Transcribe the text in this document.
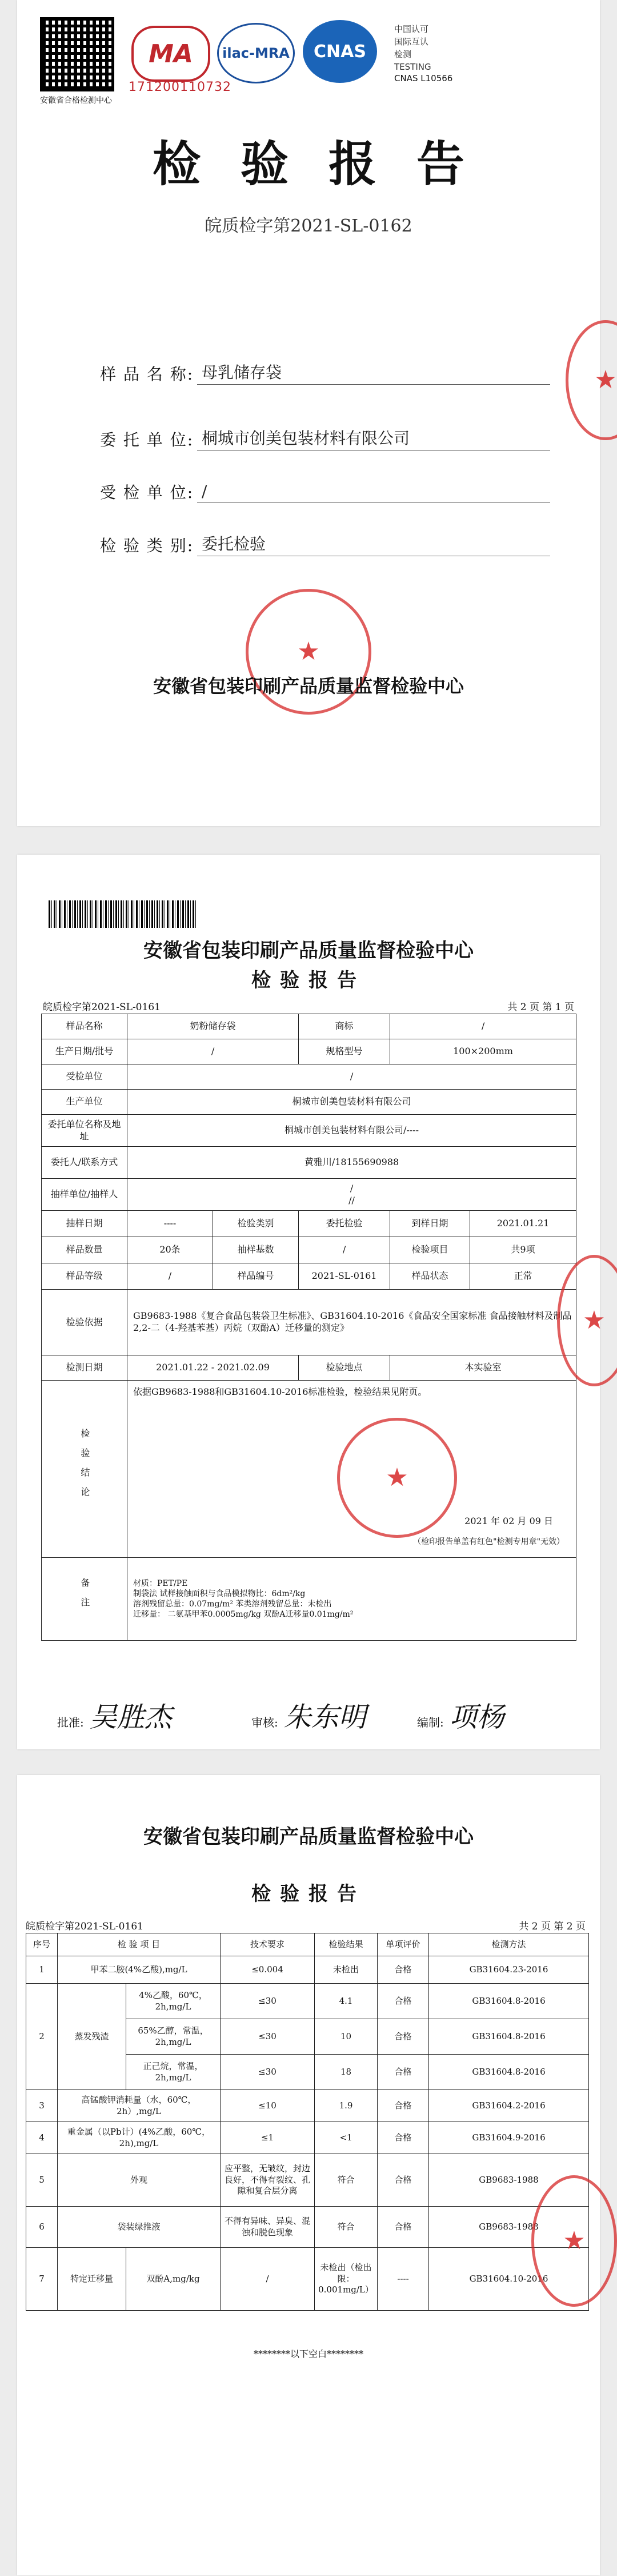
安徽省合格检测中心
MA
171200110732
ilac-MRA	CNAS
中国认可
国际互认
检测
TESTING
CNAS L10566
检验报告
皖质检字第2021-SL-0162
样 品 名 称: 母乳储存袋
委 托 单 位: 桐城市创美包装材料有限公司
受 检 单 位: /
检 验 类 别: 委托检验
★
★
安徽省包装印刷产品质量监督检验中心
安徽省包装印刷产品质量监督检验中心
检验报告
皖质检字第2021-SL-0161	共 2 页 第 1 页
样品名称	奶粉储存袋		商标	/	
生产日期/批号	/		规格型号	100×200mm	
受检单位	/				
生产单位	桐城市创美包装材料有限公司				
委托单位名称及地址	桐城市创美包装材料有限公司/----				
委托人/联系方式	黄雅川/18155690988				
抽样单位/抽样人	/
//				

抽样日期	----	检验类别	委托检验	到样日期	2021.01.21
样品数量	20条	抽样基数	/	检验项目	共9项
样品等级	/	样品编号	2021-SL-0161	样品状态	正常
检验依据	GB9683-1988《复合食品包装袋卫生标准》、GB31604.10-2016《食品安全国家标准 食品接触材料及制品 2,2-二（4-羟基苯基）丙烷（双酚A）迁移量的测定》				
检测日期	2021.01.22 - 2021.02.09		检验地点	本实验室	
检验结论	依据GB9683-1988和GB31604.10-2016标准检验，检验结果见附页。
2021 年 02 月 09 日
（检印报告单盖有红色"检测专用章"无效）				

备注	材质：PET/PE
制袋法 试样接触面积与食品模拟物比：6dm²/kg
溶剂残留总量：0.07mg/m² 苯类溶剂残留总量：未检出
迁移量： 二氨基甲苯0.0005mg/kg 双酚A迁移量0.01mg/m²				
★
★
批准: 吴胜杰	审核: 朱东明	编制: 项杨
安徽省包装印刷产品质量监督检验中心
检验报告
皖质检字第2021-SL-0161	共 2 页 第 2 页
序号	检 验 项 目		技术要求	检验结果	单项评价	检测方法
1	甲苯二胺(4%乙酸),mg/L		≤0.004	未检出	合格	GB31604.23-2016
2	蒸发残渣	4%乙酸，60℃，2h,mg/L	≤30	4.1	合格	GB31604.8-2016
		65%乙醇，常温，2h,mg/L	≤30	10	合格	GB31604.8-2016
		正己烷，常温，2h,mg/L	≤30	18	合格	GB31604.8-2016
3	高锰酸钾消耗量（水，60℃，2h）,mg/L		≤10	1.9	合格	GB31604.2-2016
4	重金属（以Pb计）(4%乙酸，60℃，2h),mg/L		≤1	<1	合格	GB31604.9-2016
5	外观		应平整，无皱纹，封边良好，不得有裂纹、孔隙和复合层分离	符合	合格	GB9683-1988
6	袋装绿推液		不得有异味、异臭、混浊和脱色现象	符合	合格	GB9683-1988
7	特定迁移量	双酚A,mg/kg	/	未检出（检出限：0.001mg/L）	----	GB31604.10-2016
★
********以下空白********
